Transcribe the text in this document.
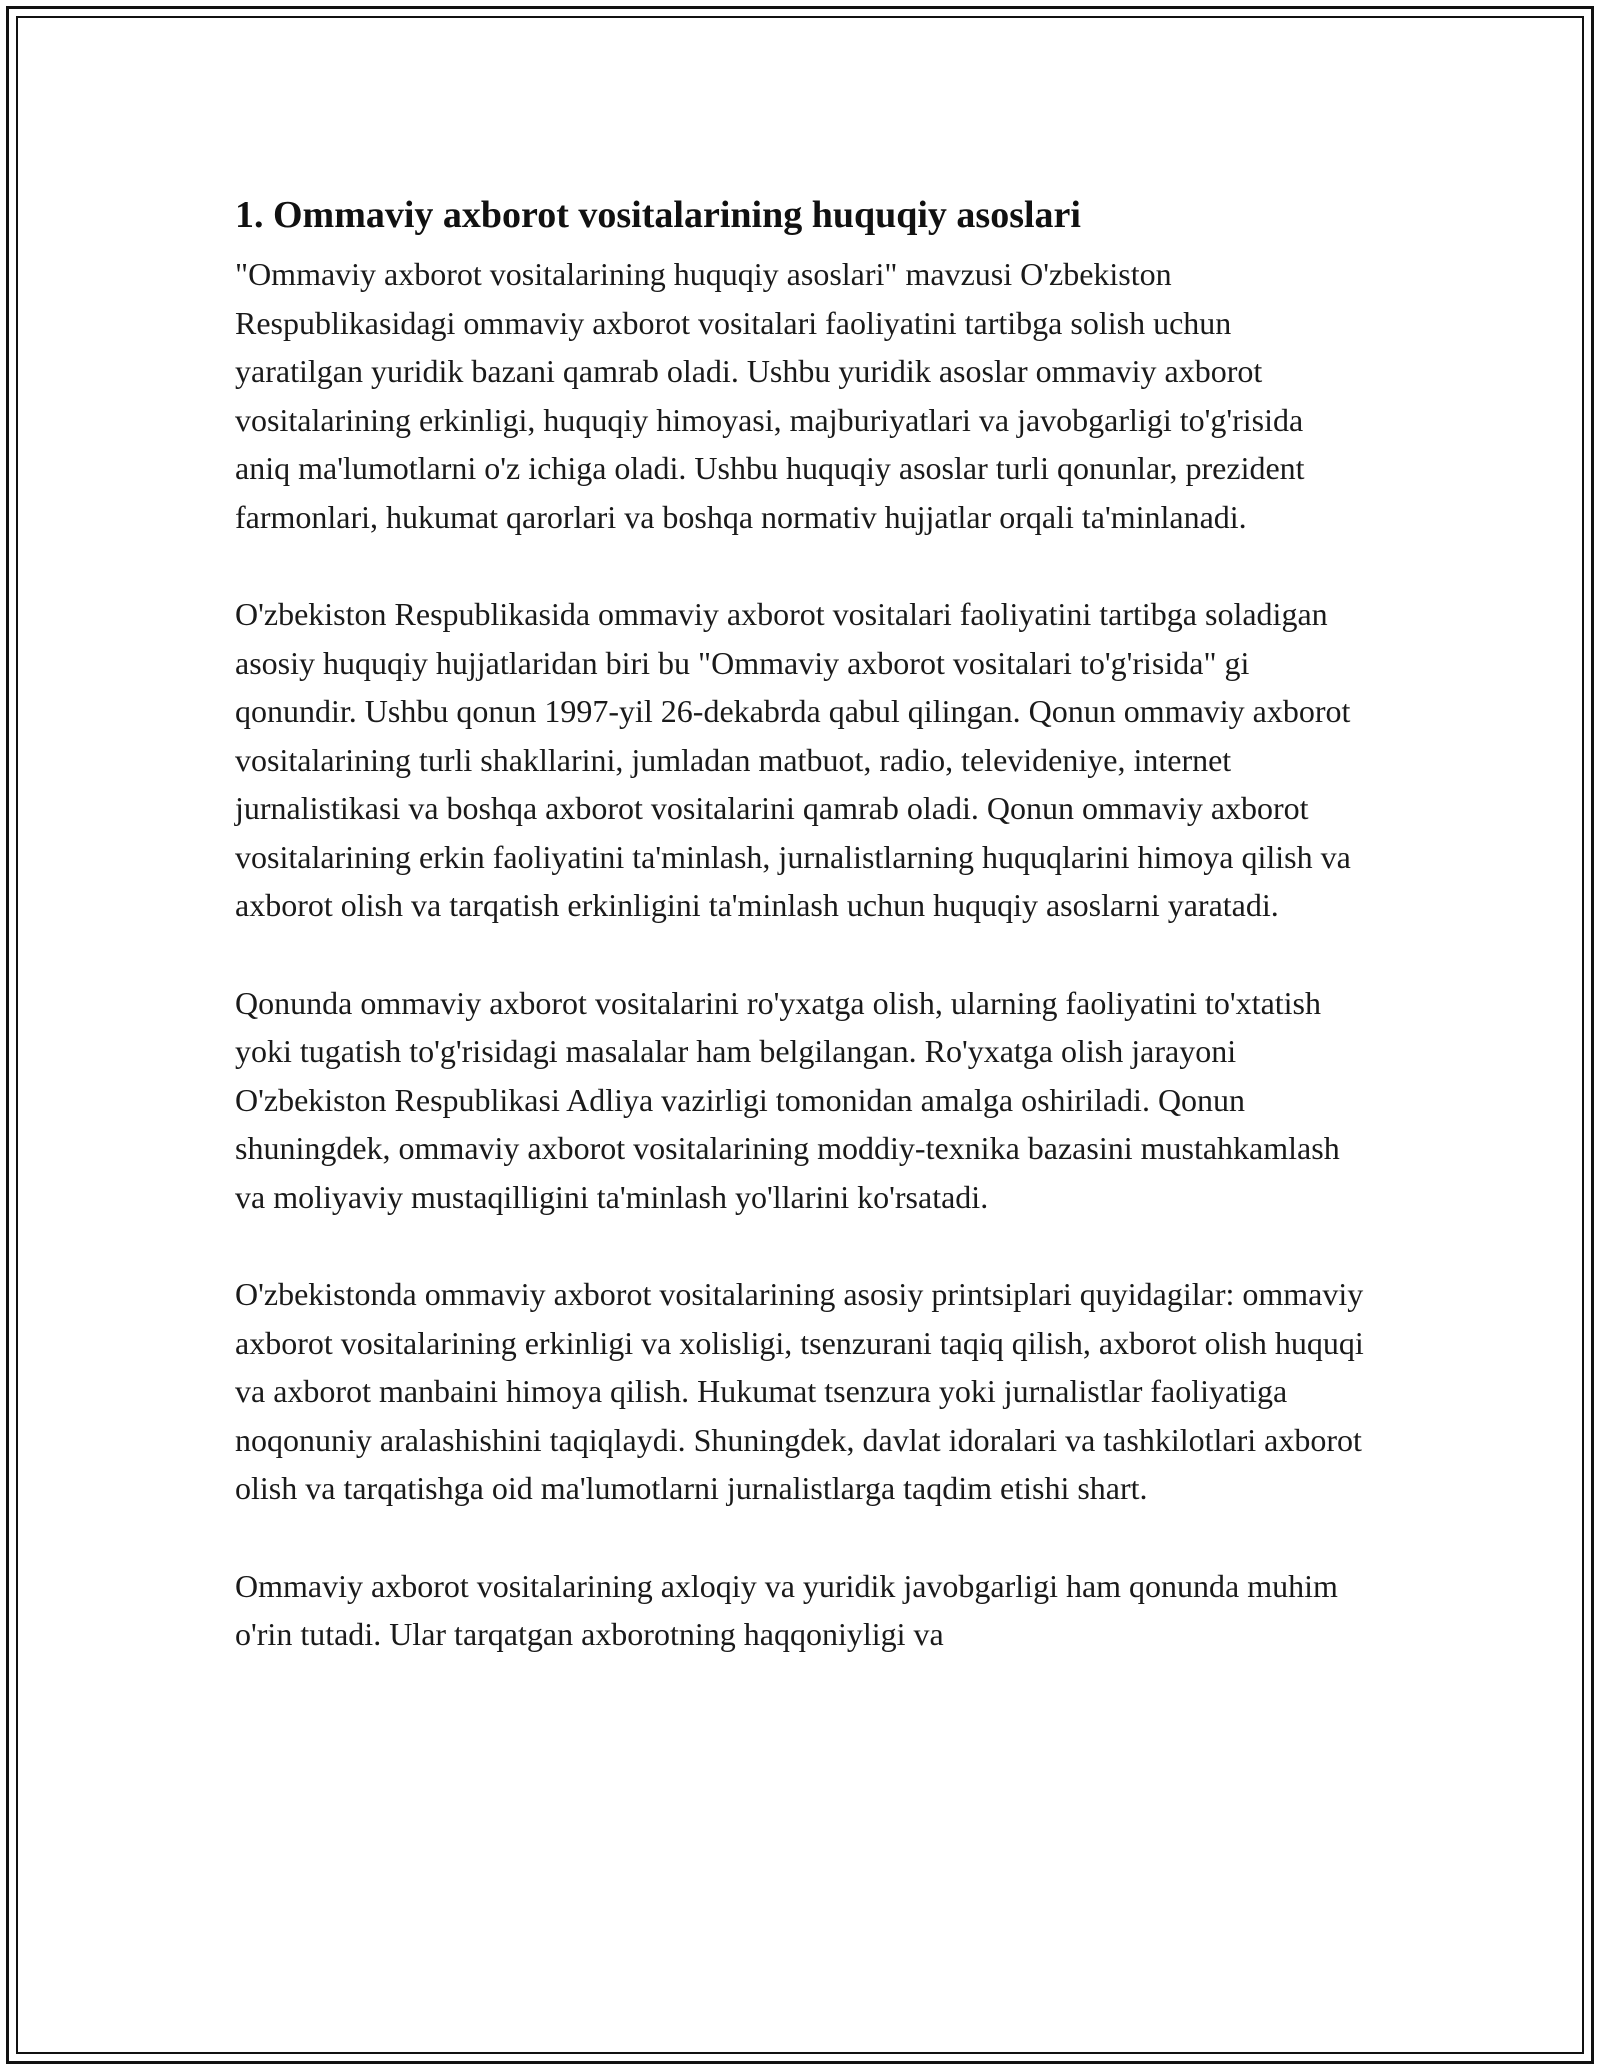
1. Ommaviy axborot vositalarining huquqiy asoslari

"Ommaviy axborot vositalarining huquqiy asoslari" mavzusi O'zbekiston Respublikasidagi ommaviy axborot vositalari faoliyatini tartibga solish uchun yaratilgan yuridik bazani qamrab oladi. Ushbu yuridik asoslar ommaviy axborot vositalarining erkinligi, huquqiy himoyasi, majburiyatlari va javobgarligi to'g'risida aniq ma'lumotlarni o'z ichiga oladi. Ushbu huquqiy asoslar turli qonunlar, prezident farmonlari, hukumat qarorlari va boshqa normativ hujjatlar orqali ta'minlanadi.

O'zbekiston Respublikasida ommaviy axborot vositalari faoliyatini tartibga soladigan asosiy huquqiy hujjatlaridan biri bu "Ommaviy axborot vositalari to'g'risida" gi qonundir. Ushbu qonun 1997-yil 26-dekabrda qabul qilingan. Qonun ommaviy axborot vositalarining turli shakllarini, jumladan matbuot, radio, televideniye, internet jurnalistikasi va boshqa axborot vositalarini qamrab oladi. Qonun ommaviy axborot vositalarining erkin faoliyatini ta'minlash, jurnalistlarning huquqlarini himoya qilish va axborot olish va tarqatish erkinligini ta'minlash uchun huquqiy asoslarni yaratadi.

Qonunda ommaviy axborot vositalarini ro'yxatga olish, ularning faoliyatini to'xtatish yoki tugatish to'g'risidagi masalalar ham belgilangan. Ro'yxatga olish jarayoni O'zbekiston Respublikasi Adliya vazirligi tomonidan amalga oshiriladi. Qonun shuningdek, ommaviy axborot vositalarining moddiy-texnika bazasini mustahkamlash va moliyaviy mustaqilligini ta'minlash yo'llarini ko'rsatadi.

O'zbekistonda ommaviy axborot vositalarining asosiy printsiplari quyidagilar: ommaviy axborot vositalarining erkinligi va xolisligi, tsenzurani taqiq qilish, axborot olish huquqi va axborot manbaini himoya qilish. Hukumat tsenzura yoki jurnalistlar faoliyatiga noqonuniy aralashishini taqiqlaydi. Shuningdek, davlat idoralari va tashkilotlari axborot olish va tarqatishga oid ma'lumotlarni jurnalistlarga taqdim etishi shart.

Ommaviy axborot vositalarining axloqiy va yuridik javobgarligi ham qonunda muhim o'rin tutadi. Ular tarqatgan axborotning haqqoniyligi va
